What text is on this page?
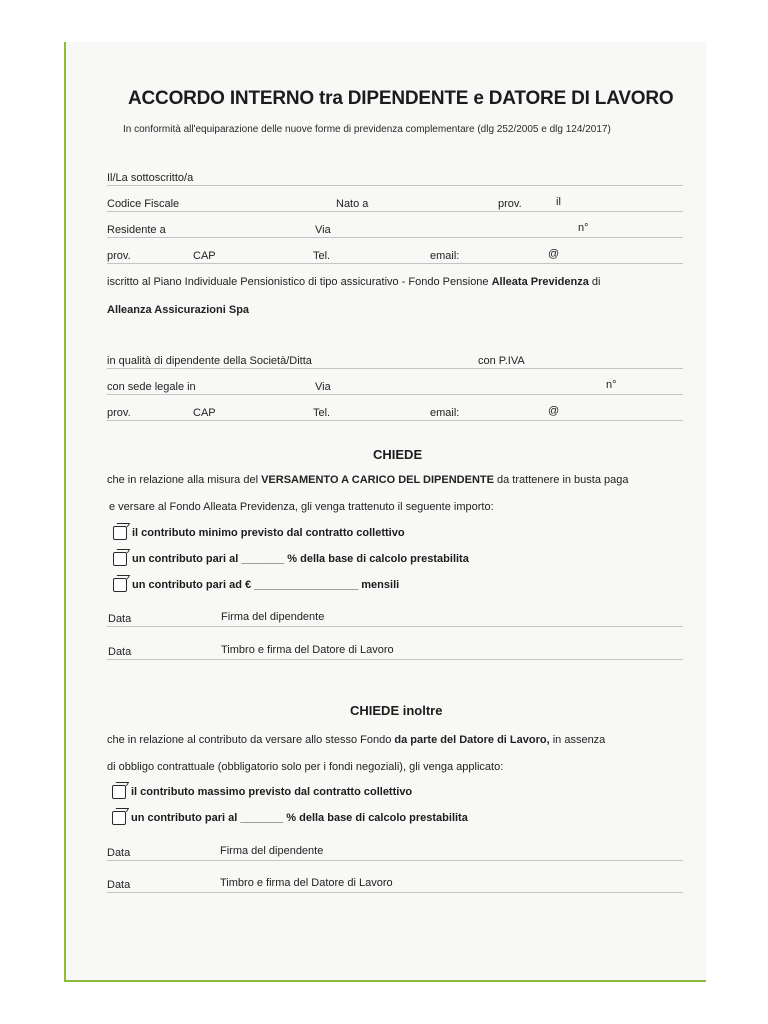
ACCORDO INTERNO tra DIPENDENTE e DATORE DI LAVORO
In conformità all'equiparazione delle nuove forme di previdenza complementare (dlg 252/2005 e dlg 124/2017)
Il/La sottoscritto/a
Codice Fiscale	Nato a	prov.	il
Residente a	Via	n°
prov.	CAP	Tel.	email:	@
iscritto al Piano Individuale Pensionistico di tipo assicurativo - Fondo Pensione Alleata Previdenza di
Alleanza Assicurazioni Spa
in qualità di dipendente della Società/Ditta	con P.IVA
con sede legale in	Via	n°
prov.	CAP	Tel.	email:	@
CHIEDE
che in relazione alla misura del VERSAMENTO A CARICO DEL DIPENDENTE da trattenere in busta paga
e versare al Fondo Alleata Previdenza, gli venga trattenuto il seguente importo:
il contributo minimo previsto dal contratto collettivo
un contributo pari al _______ % della base di calcolo prestabilita
un contributo pari ad € _________________ mensili
Data	Firma del dipendente
Data	Timbro e firma del Datore di Lavoro
CHIEDE inoltre
che in relazione al contributo da versare allo stesso Fondo da parte del Datore di Lavoro, in assenza
di obbligo contrattuale (obbligatorio solo per i fondi negoziali), gli venga applicato:
il contributo massimo previsto dal contratto collettivo
un contributo pari al _______ % della base di calcolo prestabilita
Data	Firma del dipendente
Data	Timbro e firma del Datore di Lavoro
